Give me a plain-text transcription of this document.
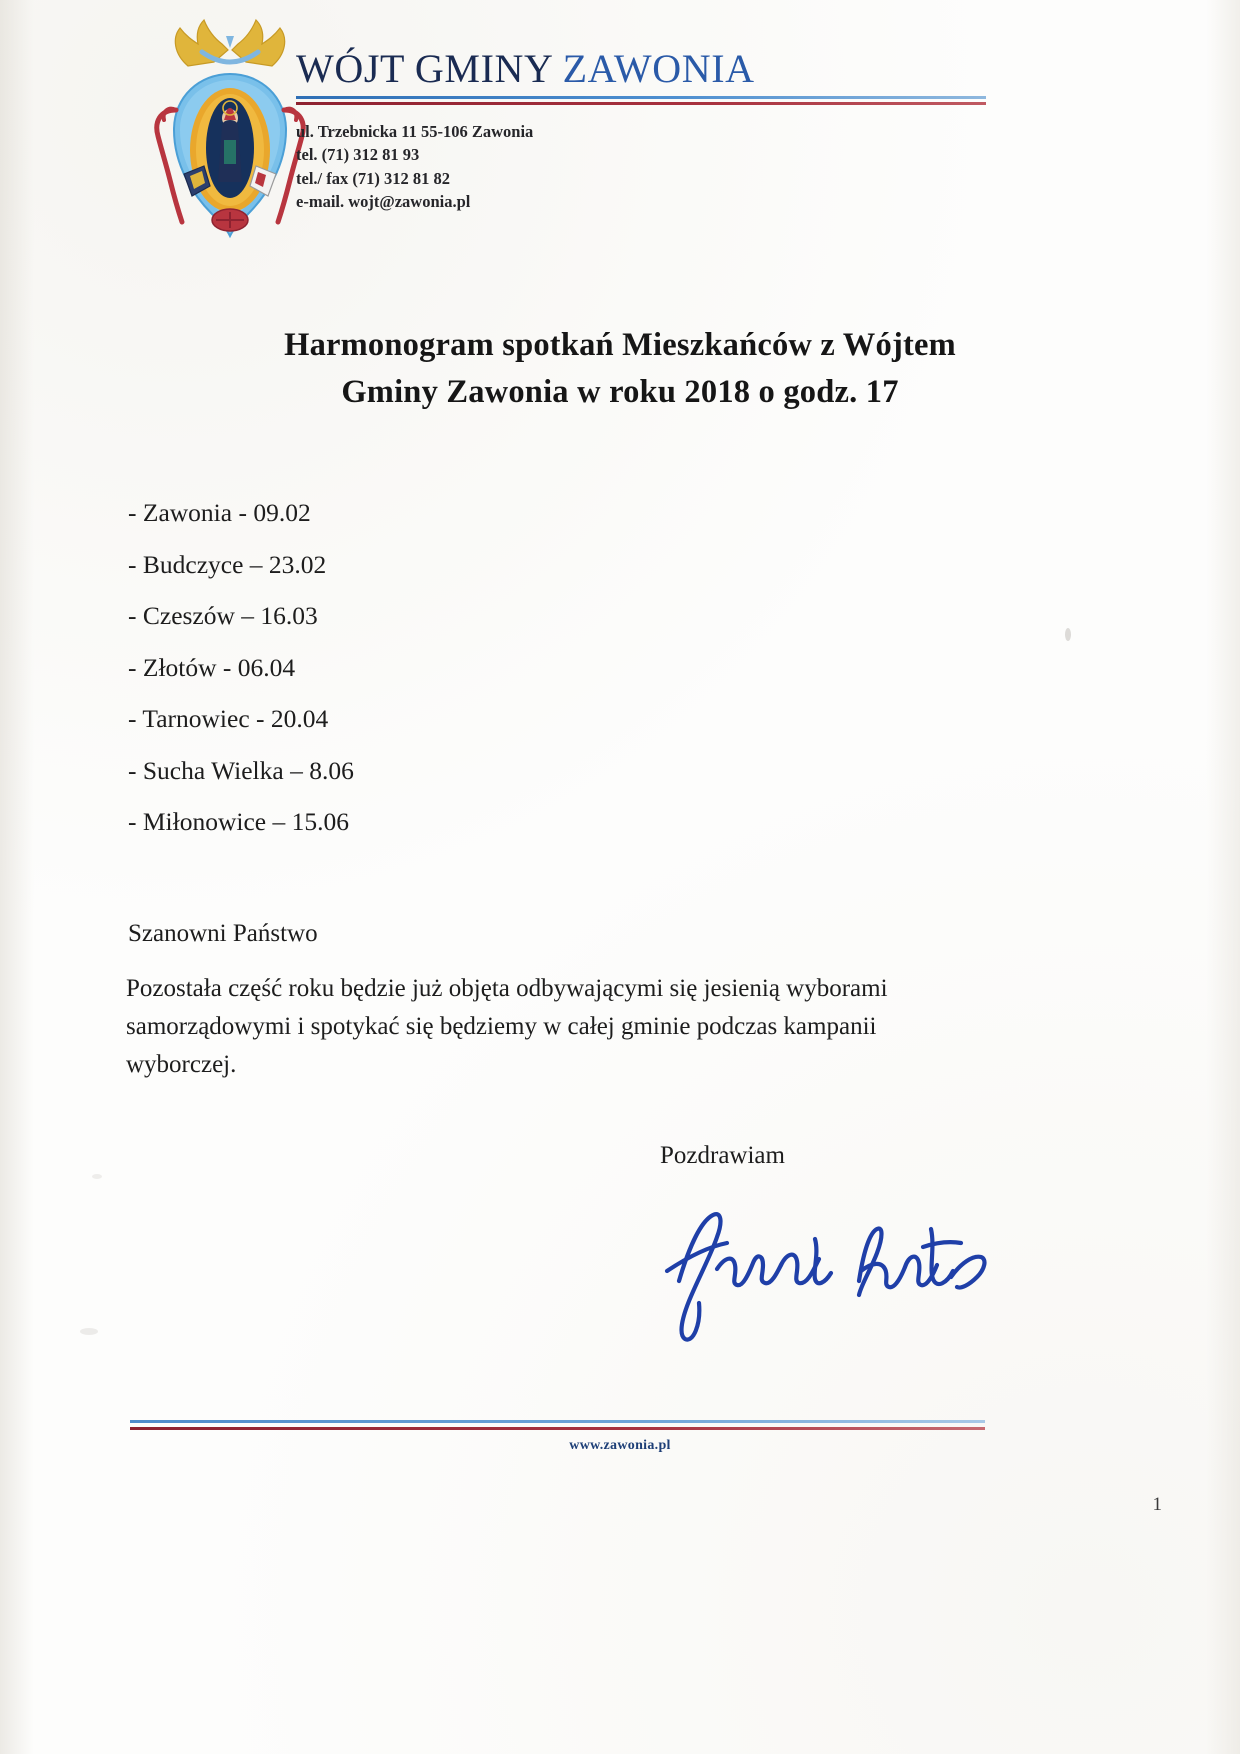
WÓJT GMINY ZAWONIA
ul. Trzebnicka 11 55-106 Zawonia
tel. (71) 312 81 93
tel./ fax (71) 312 81 82
e-mail. wojt@zawonia.pl
Harmonogram spotkań Mieszkańców z Wójtem
Gminy Zawonia w roku 2018 o godz. 17
- Zawonia - 09.02
- Budczyce – 23.02
- Czeszów – 16.03
- Złotów - 06.04
- Tarnowiec - 20.04
- Sucha Wielka – 8.06
- Miłonowice – 15.06
Szanowni Państwo
Pozostała część roku będzie już objęta odbywającymi się jesienią wyborami samorządowymi i spotykać się będziemy w całej gminie podczas kampanii wyborczej.
Pozdrawiam
www.zawonia.pl
1
